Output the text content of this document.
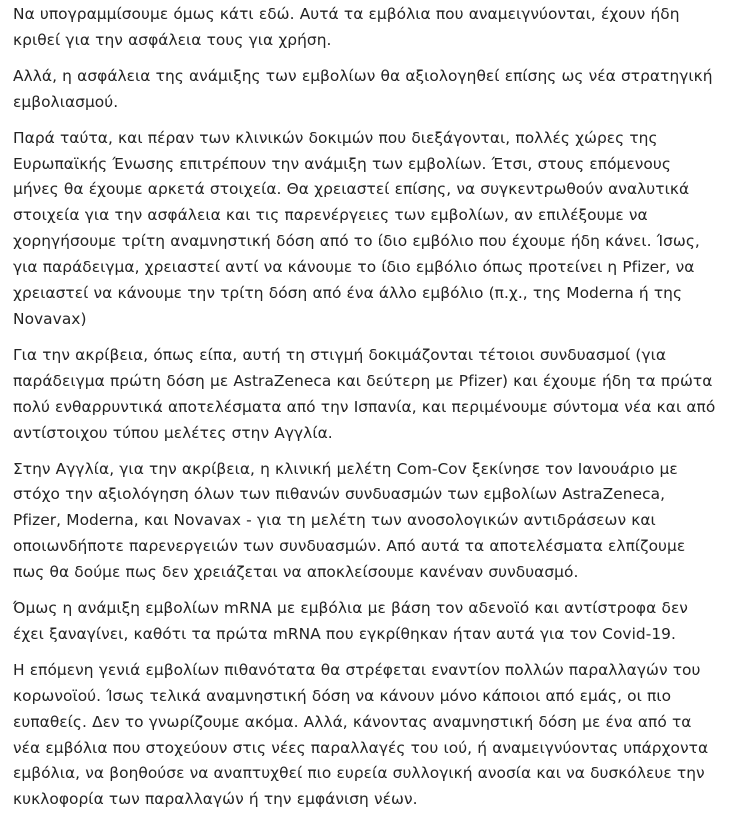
Να υπογραμμίσουμε όμως κάτι εδώ. Αυτά τα εμβόλια που αναμειγνύονται, έχουν ήδη κριθεί για την ασφάλεια τους για χρήση.

Αλλά, η ασφάλεια της ανάμιξης των εμβολίων θα αξιολογηθεί επίσης ως νέα στρατηγική εμβολιασμού.

Παρά ταύτα, και πέραν των κλινικών δοκιμών που διεξάγονται, πολλές χώρες της Ευρωπαϊκής Ένωσης επιτρέπουν την ανάμιξη των εμβολίων. Έτσι, στους επόμενους μήνες θα έχουμε αρκετά στοιχεία. Θα χρειαστεί επίσης, να συγκεντρωθούν αναλυτικά στοιχεία για την ασφάλεια και τις παρενέργειες των εμβολίων, αν επιλέξουμε να χορηγήσουμε τρίτη αναμνηστική δόση από το ίδιο εμβόλιο που έχουμε ήδη κάνει. Ίσως, για παράδειγμα, χρειαστεί αντί να κάνουμε το ίδιο εμβόλιο όπως προτείνει η Pfizer, να χρειαστεί να κάνουμε την τρίτη δόση από ένα άλλο εμβόλιο (π.χ., της Moderna ή της Novavax)

Για την ακρίβεια, όπως είπα, αυτή τη στιγμή δοκιμάζονται τέτοιοι συνδυασμοί (για παράδειγμα πρώτη δόση με AstraZeneca και δεύτερη με Pfizer) και έχουμε ήδη τα πρώτα πολύ ενθαρρυντικά αποτελέσματα από την Ισπανία, και περιμένουμε σύντομα νέα και από αντίστοιχου τύπου μελέτες στην Αγγλία.

Στην Αγγλία, για την ακρίβεια, η κλινική μελέτη Com-Cov ξεκίνησε τον Ιανουάριο με στόχο την αξιολόγηση όλων των πιθανών συνδυασμών των εμβολίων AstraZeneca, Pfizer, Moderna, και Novavax - για τη μελέτη των ανοσολογικών αντιδράσεων και οποιωνδήποτε παρενεργειών των συνδυασμών. Από αυτά τα αποτελέσματα ελπίζουμε πως θα δούμε πως δεν χρειάζεται να αποκλείσουμε κανέναν συνδυασμό.

Όμως η ανάμιξη εμβολίων mRNA με εμβόλια με βάση τον αδενοϊό και αντίστροφα δεν έχει ξαναγίνει, καθότι τα πρώτα mRNA που εγκρίθηκαν ήταν αυτά για τον Covid-19.

Η επόμενη γενιά εμβολίων πιθανότατα θα στρέφεται εναντίον πολλών παραλλαγών του κορωνοϊού. Ίσως τελικά αναμνηστική δόση να κάνουν μόνο κάποιοι από εμάς, οι πιο ευπαθείς. Δεν το γνωρίζουμε ακόμα. Αλλά, κάνοντας αναμνηστική δόση με ένα από τα νέα εμβόλια που στοχεύουν στις νέες παραλλαγές του ιού, ή αναμειγνύοντας υπάρχοντα εμβόλια, να βοηθούσε να αναπτυχθεί πιο ευρεία συλλογική ανοσία και να δυσκόλευε την κυκλοφορία των παραλλαγών ή την εμφάνιση νέων.
